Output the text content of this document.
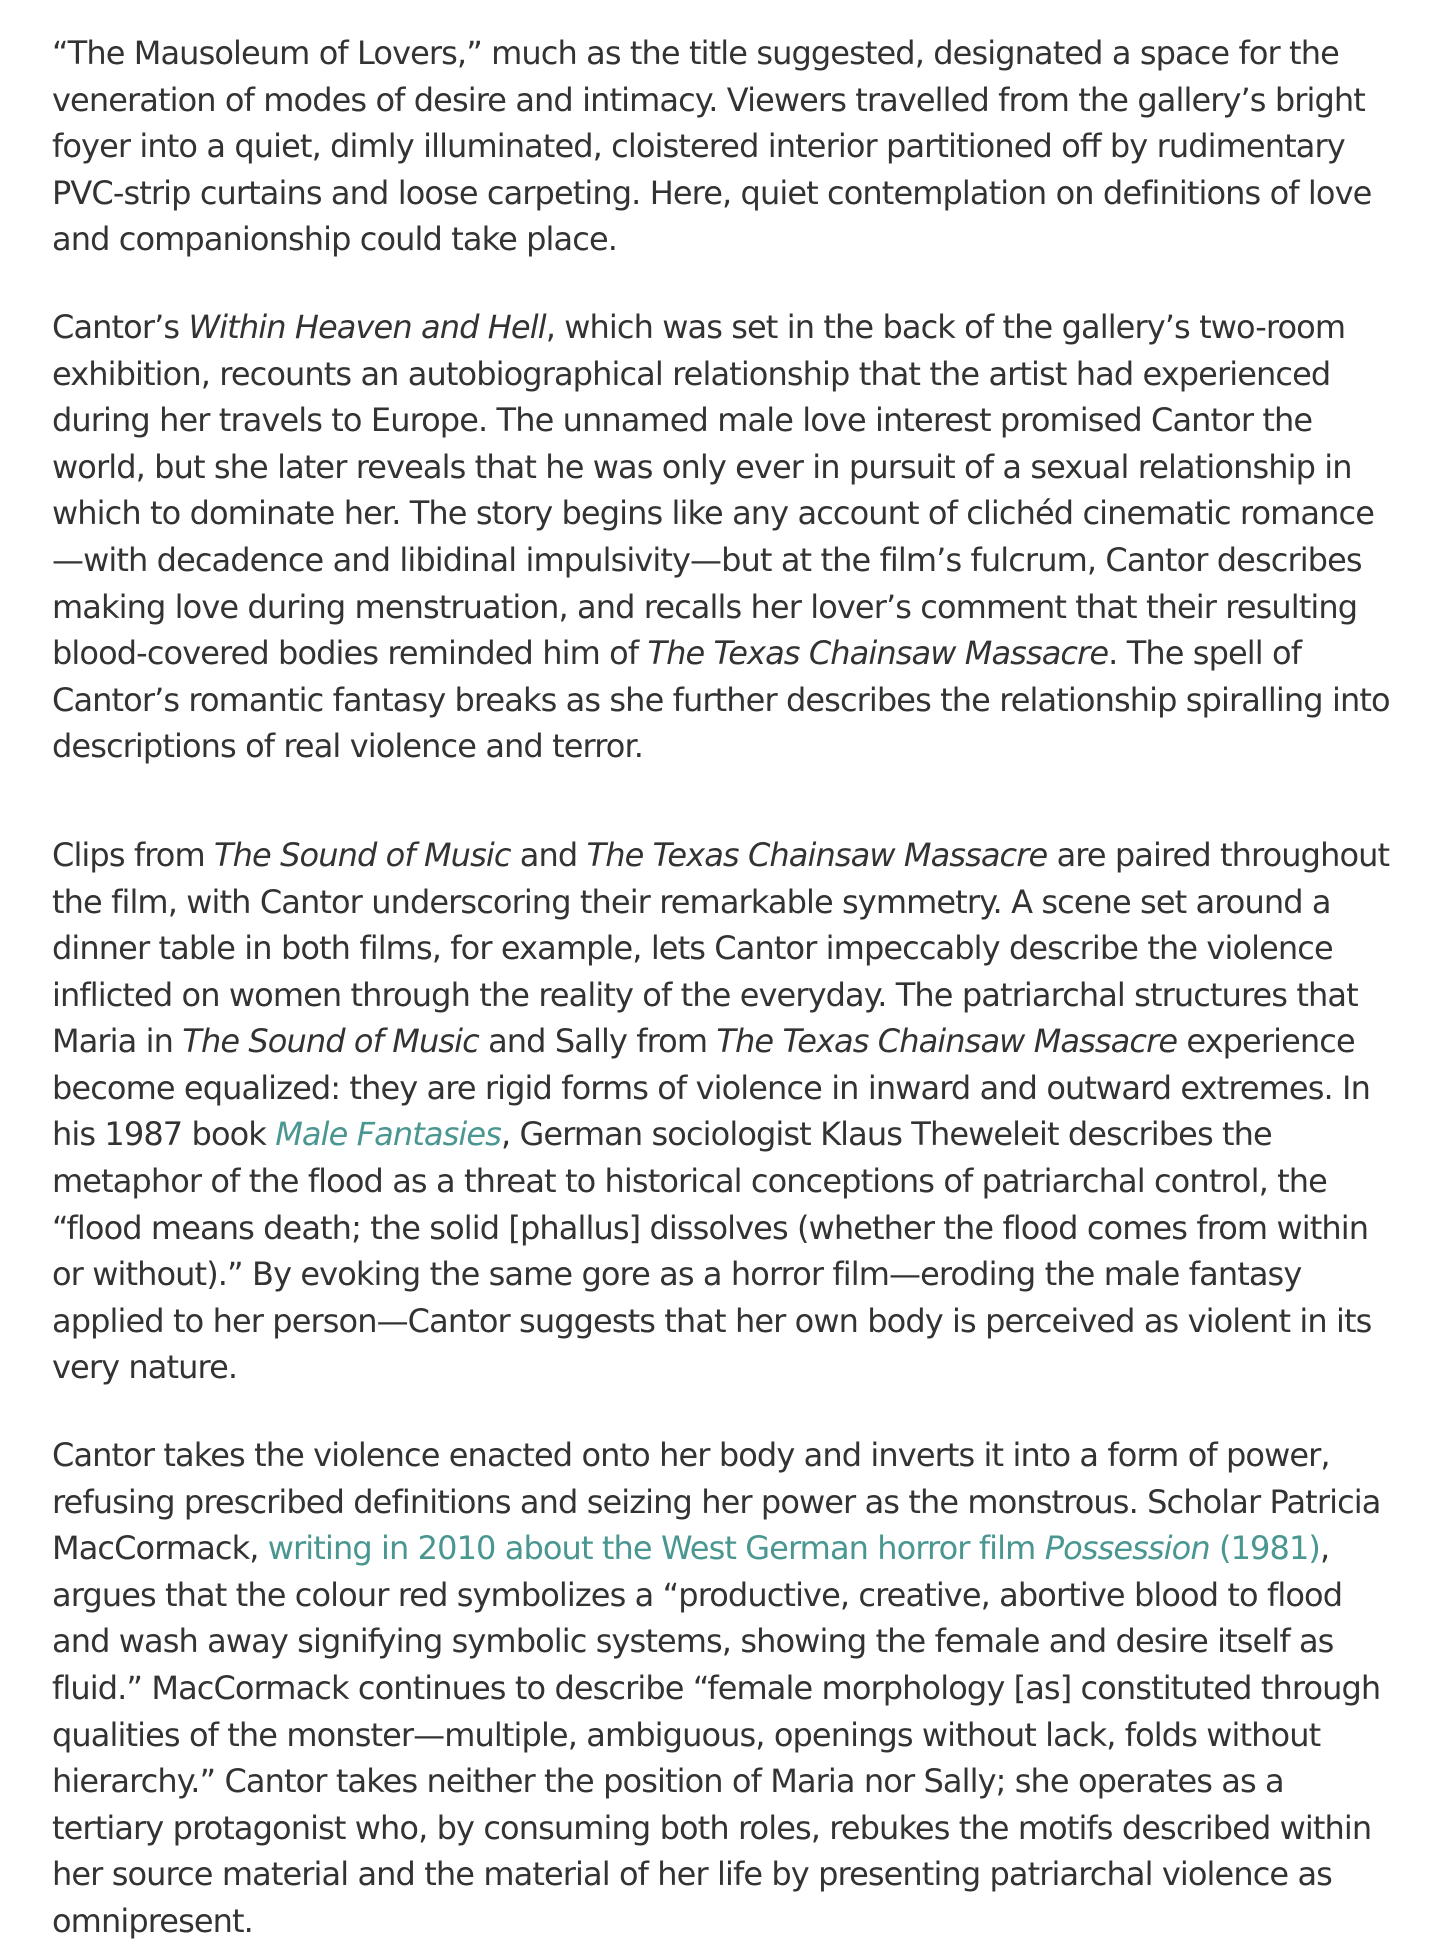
“The Mausoleum of Lovers,” much as the title suggested, designated a space for the veneration of modes of desire and intimacy. Viewers travelled from the gallery’s bright foyer into a quiet, dimly illuminated, cloistered interior partitioned off by rudimentary PVC-strip curtains and loose carpeting. Here, quiet contemplation on definitions of love and companionship could take place.

Cantor’s Within Heaven and Hell, which was set in the back of the gallery’s two-room exhibition, recounts an autobiographical relationship that the artist had experienced during her travels to Europe. The unnamed male love interest promised Cantor the world, but she later reveals that he was only ever in pursuit of a sexual relationship in which to dominate her. The story begins like any account of clichéd cinematic romance—with decadence and libidinal impulsivity—but at the film’s fulcrum, Cantor describes making love during menstruation, and recalls her lover’s comment that their resulting blood-covered bodies reminded him of The Texas Chainsaw Massacre. The spell of Cantor’s romantic fantasy breaks as she further describes the relationship spiralling into descriptions of real violence and terror.

Clips from The Sound of Music and The Texas Chainsaw Massacre are paired throughout the film, with Cantor underscoring their remarkable symmetry. A scene set around a dinner table in both films, for example, lets Cantor impeccably describe the violence inflicted on women through the reality of the everyday. The patriarchal structures that Maria in The Sound of Music and Sally from The Texas Chainsaw Massacre experience become equalized: they are rigid forms of violence in inward and outward extremes. In his 1987 book Male Fantasies, German sociologist Klaus Theweleit describes the metaphor of the flood as a threat to historical conceptions of patriarchal control, the “flood means death; the solid [phallus] dissolves (whether the flood comes from within or without).” By evoking the same gore as a horror film—eroding the male fantasy applied to her person—Cantor suggests that her own body is perceived as violent in its very nature.

Cantor takes the violence enacted onto her body and inverts it into a form of power, refusing prescribed definitions and seizing her power as the monstrous. Scholar Patricia MacCormack, writing in 2010 about the West German horror film Possession (1981), argues that the colour red symbolizes a “productive, creative, abortive blood to flood and wash away signifying symbolic systems, showing the female and desire itself as fluid.” MacCormack continues to describe “female morphology [as] constituted through qualities of the monster—multiple, ambiguous, openings without lack, folds without hierarchy.” Cantor takes neither the position of Maria nor Sally; she operates as a tertiary protagonist who, by consuming both roles, rebukes the motifs described within her source material and the material of her life by presenting patriarchal violence as omnipresent.
